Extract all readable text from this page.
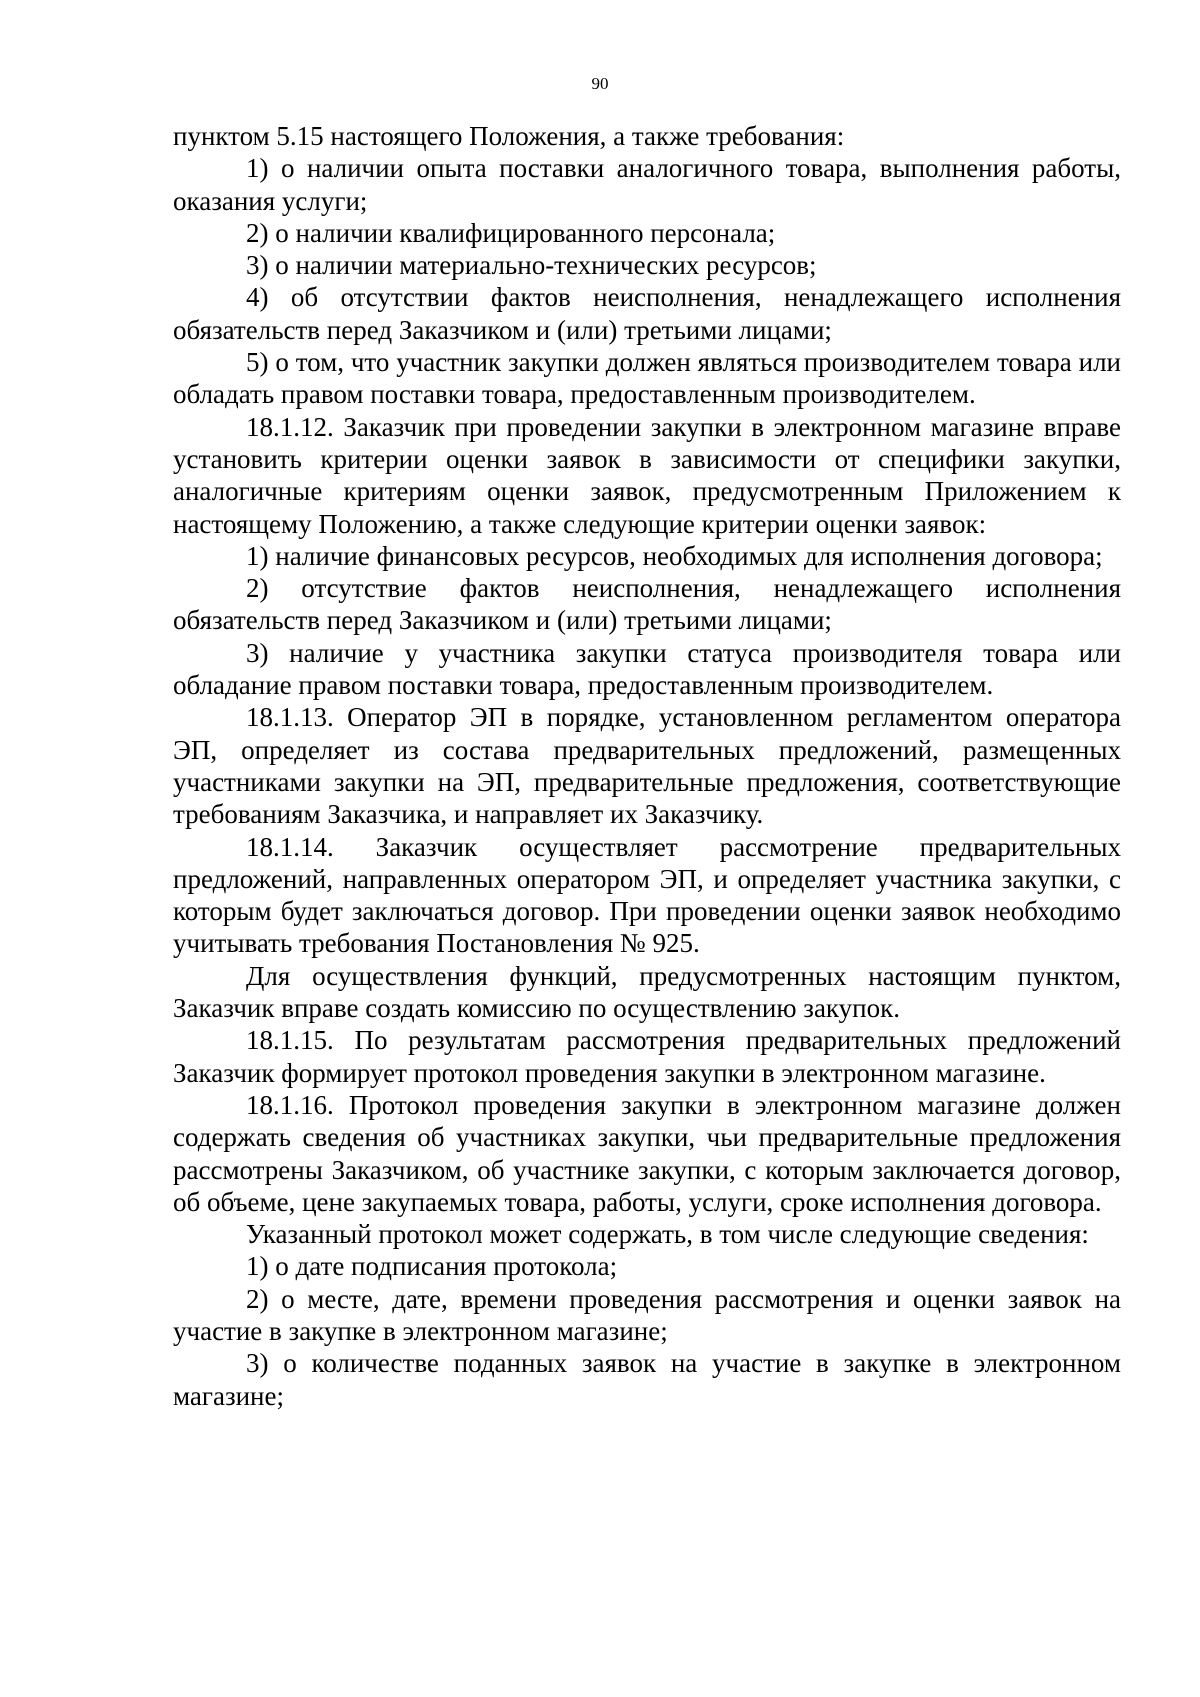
90

пунктом 5.15 настоящего Положения, а также требования:

1) о наличии опыта поставки аналогичного товара, выполнения работы, оказания услуги;

2) о наличии квалифицированного персонала;

3) о наличии материально-технических ресурсов;

4) об отсутствии фактов неисполнения, ненадлежащего исполнения обязательств перед Заказчиком и (или) третьими лицами;

5) о том, что участник закупки должен являться производителем товара или обладать правом поставки товара, предоставленным производителем.

18.1.12. Заказчик при проведении закупки в электронном магазине вправе установить критерии оценки заявок в зависимости от специфики закупки, аналогичные критериям оценки заявок, предусмотренным Приложением к настоящему Положению, а также следующие критерии оценки заявок:

1) наличие финансовых ресурсов, необходимых для исполнения договора;

2) отсутствие фактов неисполнения, ненадлежащего исполнения обязательств перед Заказчиком и (или) третьими лицами;

3) наличие у участника закупки статуса производителя товара или обладание правом поставки товара, предоставленным производителем.

18.1.13. Оператор ЭП в порядке, установленном регламентом оператора ЭП, определяет из состава предварительных предложений, размещенных участниками закупки на ЭП, предварительные предложения, соответствующие требованиям Заказчика, и направляет их Заказчику.

18.1.14. Заказчик осуществляет рассмотрение предварительных предложений, направленных оператором ЭП, и определяет участника закупки, с которым будет заключаться договор. При проведении оценки заявок необходимо учитывать требования Постановления № 925.

Для осуществления функций, предусмотренных настоящим пунктом, Заказчик вправе создать комиссию по осуществлению закупок.

18.1.15. По результатам рассмотрения предварительных предложений Заказчик формирует протокол проведения закупки в электронном магазине.

18.1.16. Протокол проведения закупки в электронном магазине должен содержать сведения об участниках закупки, чьи предварительные предложения рассмотрены Заказчиком, об участнике закупки, с которым заключается договор, об объеме, цене закупаемых товара, работы, услуги, сроке исполнения договора.

Указанный протокол может содержать, в том числе следующие сведения:

1) о дате подписания протокола;

2) о месте, дате, времени проведения рассмотрения и оценки заявок на участие в закупке в электронном магазине;

3) о количестве поданных заявок на участие в закупке в электронном магазине;
